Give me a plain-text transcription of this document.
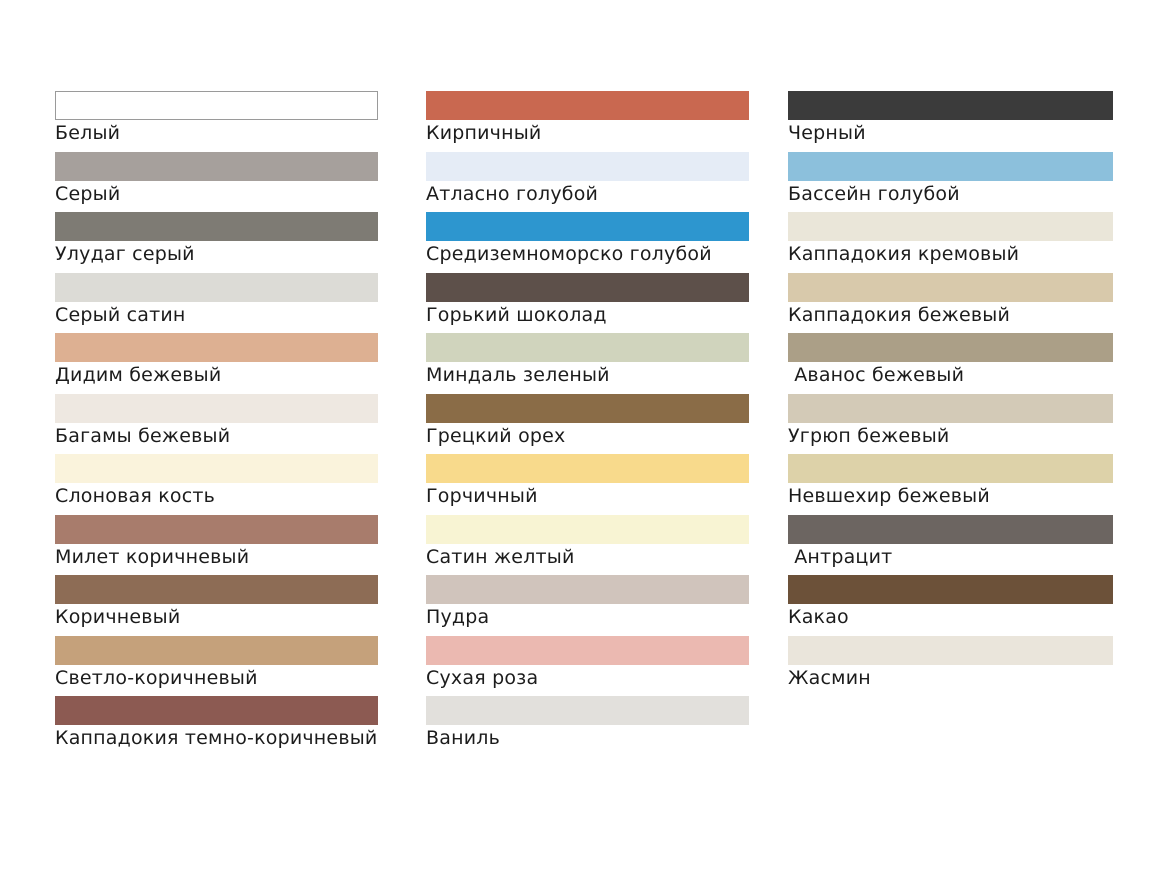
Белый
Серый
Улудаг серый
Серый сатин
Дидим бежевый
Багамы бежевый
Слоновая кость
Милет коричневый
Коричневый
Светло-коричневый
Каппадокия темно-коричневый
Кирпичный
Атласно голубой
Средиземноморско голубой
Горький шоколад
Миндаль зеленый
Грецкий орех
Горчичный
Сатин желтый
Пудра
Сухая роза
Ваниль
Черный
Бассейн голубой
Каппадокия кремовый
Каппадокия бежевый
Аванос бежевый
Угрюп бежевый
Невшехир бежевый
Антрацит
Какао
Жасмин
